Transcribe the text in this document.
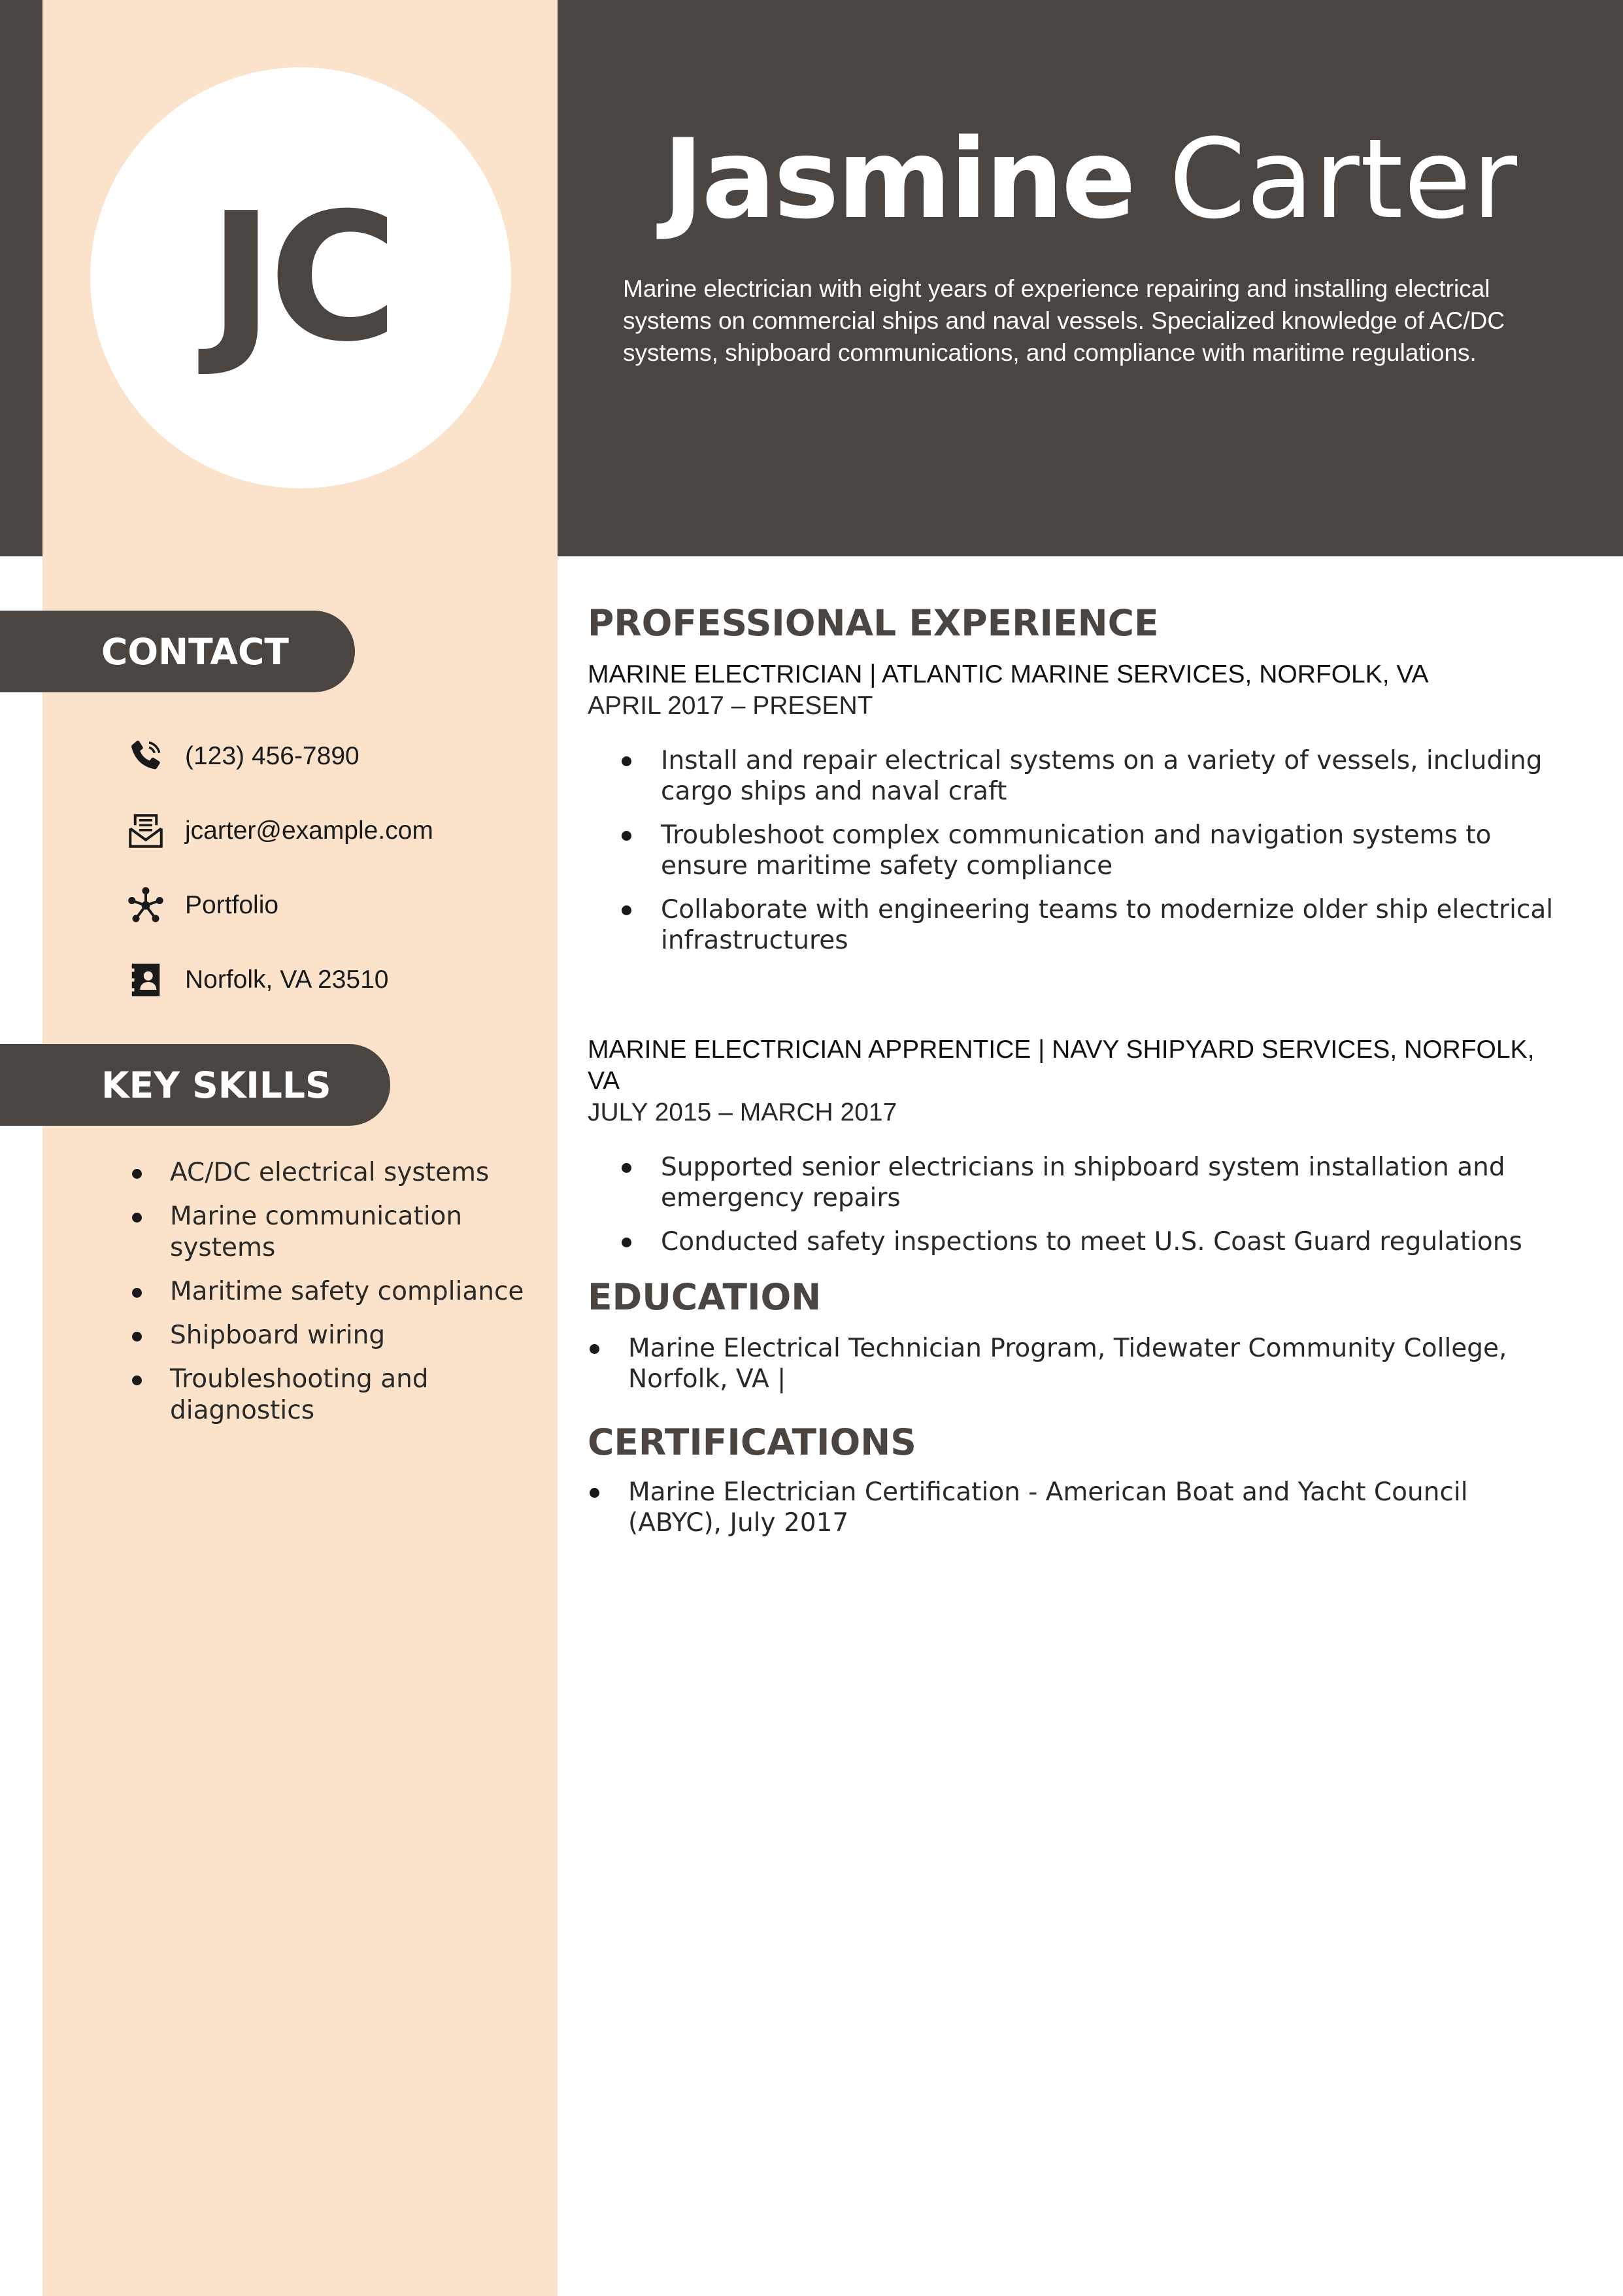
JC	Jasmine Carter
Marine electrician with eight years of experience repairing and installing electrical systems on commercial ships and naval vessels. Specialized knowledge of AC/DC systems, shipboard communications, and compliance with maritime regulations.
CONTACT
(123) 456-7890
jcarter@example.com
Portfolio
Norfolk, VA 23510
KEY SKILLS
AC/DC electrical systems
Marine communication systems
Maritime safety compliance
Shipboard wiring
Troubleshooting and diagnostics
PROFESSIONAL EXPERIENCE
MARINE ELECTRICIAN | ATLANTIC MARINE SERVICES, NORFOLK, VA
APRIL 2017 – PRESENT
Install and repair electrical systems on a variety of vessels, including cargo ships and naval craft
Troubleshoot complex communication and navigation systems to ensure maritime safety compliance
Collaborate with engineering teams to modernize older ship electrical infrastructures
MARINE ELECTRICIAN APPRENTICE | NAVY SHIPYARD SERVICES, NORFOLK, VA
JULY 2015 – MARCH 2017
Supported senior electricians in shipboard system installation and emergency repairs
Conducted safety inspections to meet U.S. Coast Guard regulations
EDUCATION
Marine Electrical Technician Program, Tidewater Community College, Norfolk, VA |
CERTIFICATIONS
Marine Electrician Certification - American Boat and Yacht Council (ABYC), July 2017
